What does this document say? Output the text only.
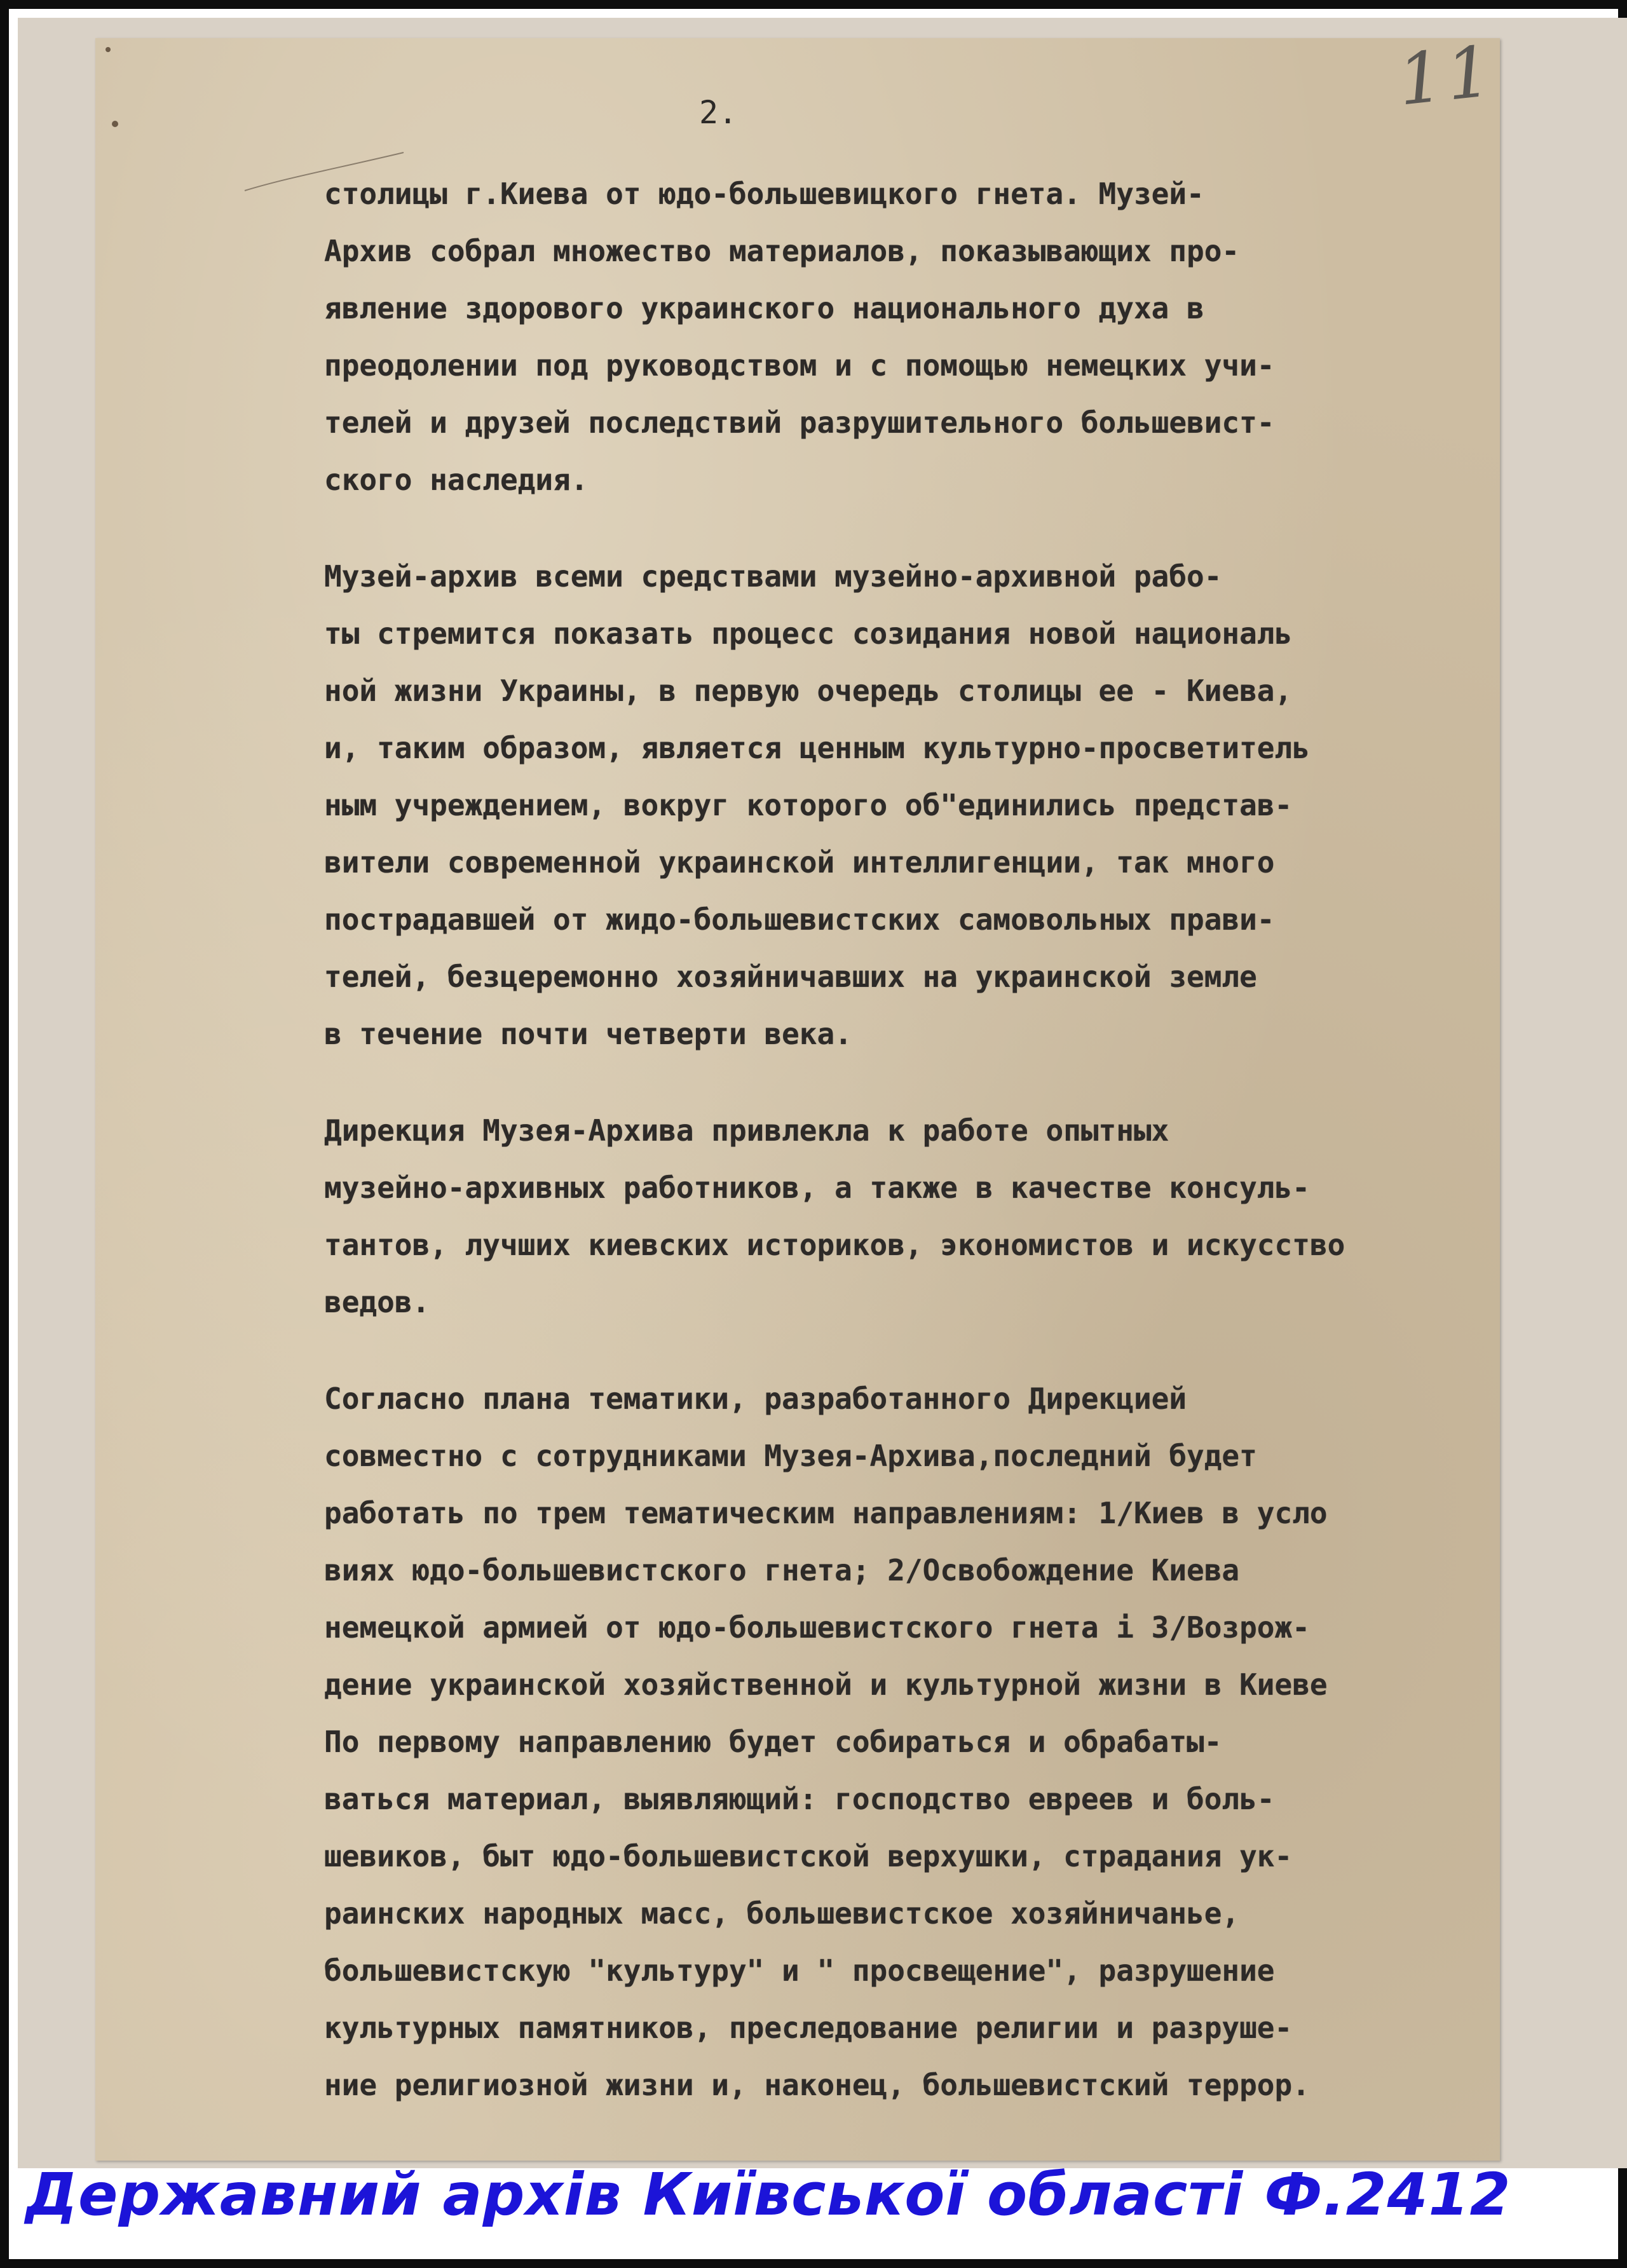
2.	11
столицы г.Киева от юдо-большевицкого гнета. Музей-
Архив собрал множество материалов, показывающих про-
явление здорового украинского национального духа в
преодолении под руководством и с помощью немецких учи-
телей и друзей последствий разрушительного большевист-
ского наследия.
Музей-архив всеми средствами музейно-архивной рабо-
ты стремится показать процесс созидания новой националь
ной жизни Украины, в первую очередь столицы ее - Киева,
и, таким образом, является ценным культурно-просветитель
ным учреждением, вокруг которого об"единились представ-
вители современной украинской интеллигенции, так много
пострадавшей от жидо-большевистских самовольных прави-
телей, безцеремонно хозяйничавших на украинской земле
в течение почти четверти века.
Дирекция Музея-Архива привлекла к работе опытных
музейно-архивных работников, а также в качестве консуль-
тантов, лучших киевских историков, экономистов и искусство
ведов.
Согласно плана тематики, разработанного Дирекцией
совместно с сотрудниками Музея-Архива,последний будет
работать по трем тематическим направлениям: 1/Киев в усло
виях юдо-большевистского гнета; 2/Освобождение Киева
немецкой армией от юдо-большевистского гнета і 3/Возрож-
дение украинской хозяйственной и культурной жизни в Киеве
По первому направлению будет собираться и обрабаты-
ваться материал, выявляющий: господство евреев и боль-
шевиков, быт юдо-большевистской верхушки, страдания ук-
раинских народных масс, большевистское хозяйничанье,
большевистскую "культуру" и " просвещение", разрушение
культурных памятников, преследование религии и разруше-
ние религиозной жизни и, наконец, большевистский террор.
Державний архів Київської області Ф.2412
